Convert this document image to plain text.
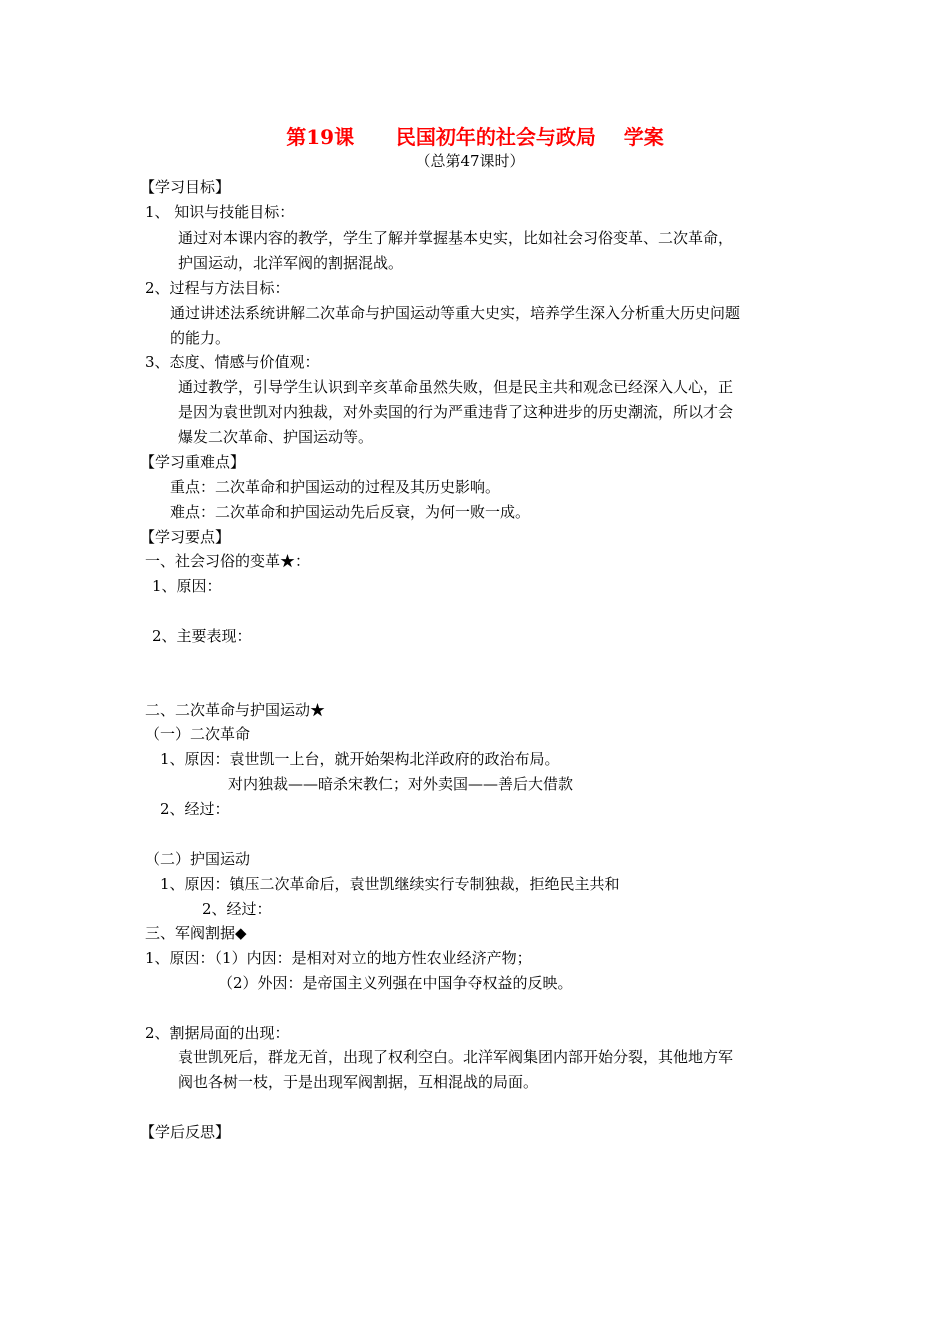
第19课      民国初年的社会与政局    学案
（总第47课时）
【学习目标】
1、 知识与技能目标：
通过对本课内容的教学，学生了解并掌握基本史实，比如社会习俗变革、二次革命，
护国运动，北洋军阀的割据混战。
2、过程与方法目标：
通过讲述法系统讲解二次革命与护国运动等重大史实，培养学生深入分析重大历史问题
的能力。
3、态度、情感与价值观：
通过教学，引导学生认识到辛亥革命虽然失败，但是民主共和观念已经深入人心，正
是因为袁世凯对内独裁，对外卖国的行为严重违背了这种进步的历史潮流，所以才会
爆发二次革命、护国运动等。
【学习重难点】
重点：二次革命和护国运动的过程及其历史影响。
难点：二次革命和护国运动先后反衰，为何一败一成。
【学习要点】
一、社会习俗的变革★：
1、原因：
2、主要表现：
二、二次革命与护国运动★
（一）二次革命
1、原因：袁世凯一上台，就开始架构北洋政府的政治布局。
对内独裁——暗杀宋教仁；对外卖国——善后大借款
2、经过：
（二）护国运动
1、原因：镇压二次革命后，袁世凯继续实行专制独裁，拒绝民主共和
2、经过：
三、军阀割据◆
1、原因：（1）内因：是相对对立的地方性农业经济产物；
（2）外因：是帝国主义列强在中国争夺权益的反映。
2、割据局面的出现：
袁世凯死后，群龙无首，出现了权利空白。北洋军阀集团内部开始分裂，其他地方军
阀也各树一枝，于是出现军阀割据，互相混战的局面。
【学后反思】
